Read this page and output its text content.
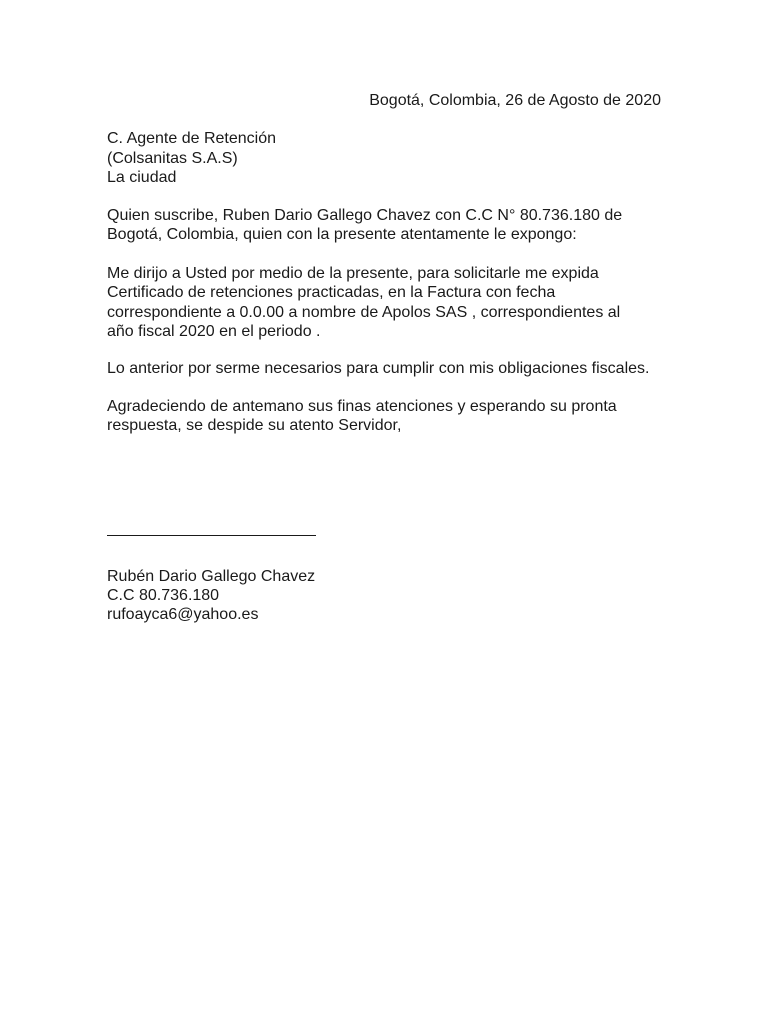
Bogotá, Colombia, 26 de Agosto de 2020
C. Agente de Retención
(Colsanitas S.A.S)
La ciudad
Quien suscribe, Ruben Dario Gallego Chavez con C.C N° 80.736.180 de
Bogotá, Colombia, quien con la presente atentamente le expongo:
Me dirijo a Usted por medio de la presente, para solicitarle me expida
Certificado de retenciones practicadas, en la Factura con fecha
correspondiente a 0.0.00 a nombre de Apolos SAS , correspondientes al
año fiscal 2020 en el periodo .
Lo anterior por serme necesarios para cumplir con mis obligaciones fiscales.
Agradeciendo de antemano sus finas atenciones y esperando su pronta
respuesta, se despide su atento Servidor,
Rubén Dario Gallego Chavez
C.C 80.736.180
rufoayca6@yahoo.es
